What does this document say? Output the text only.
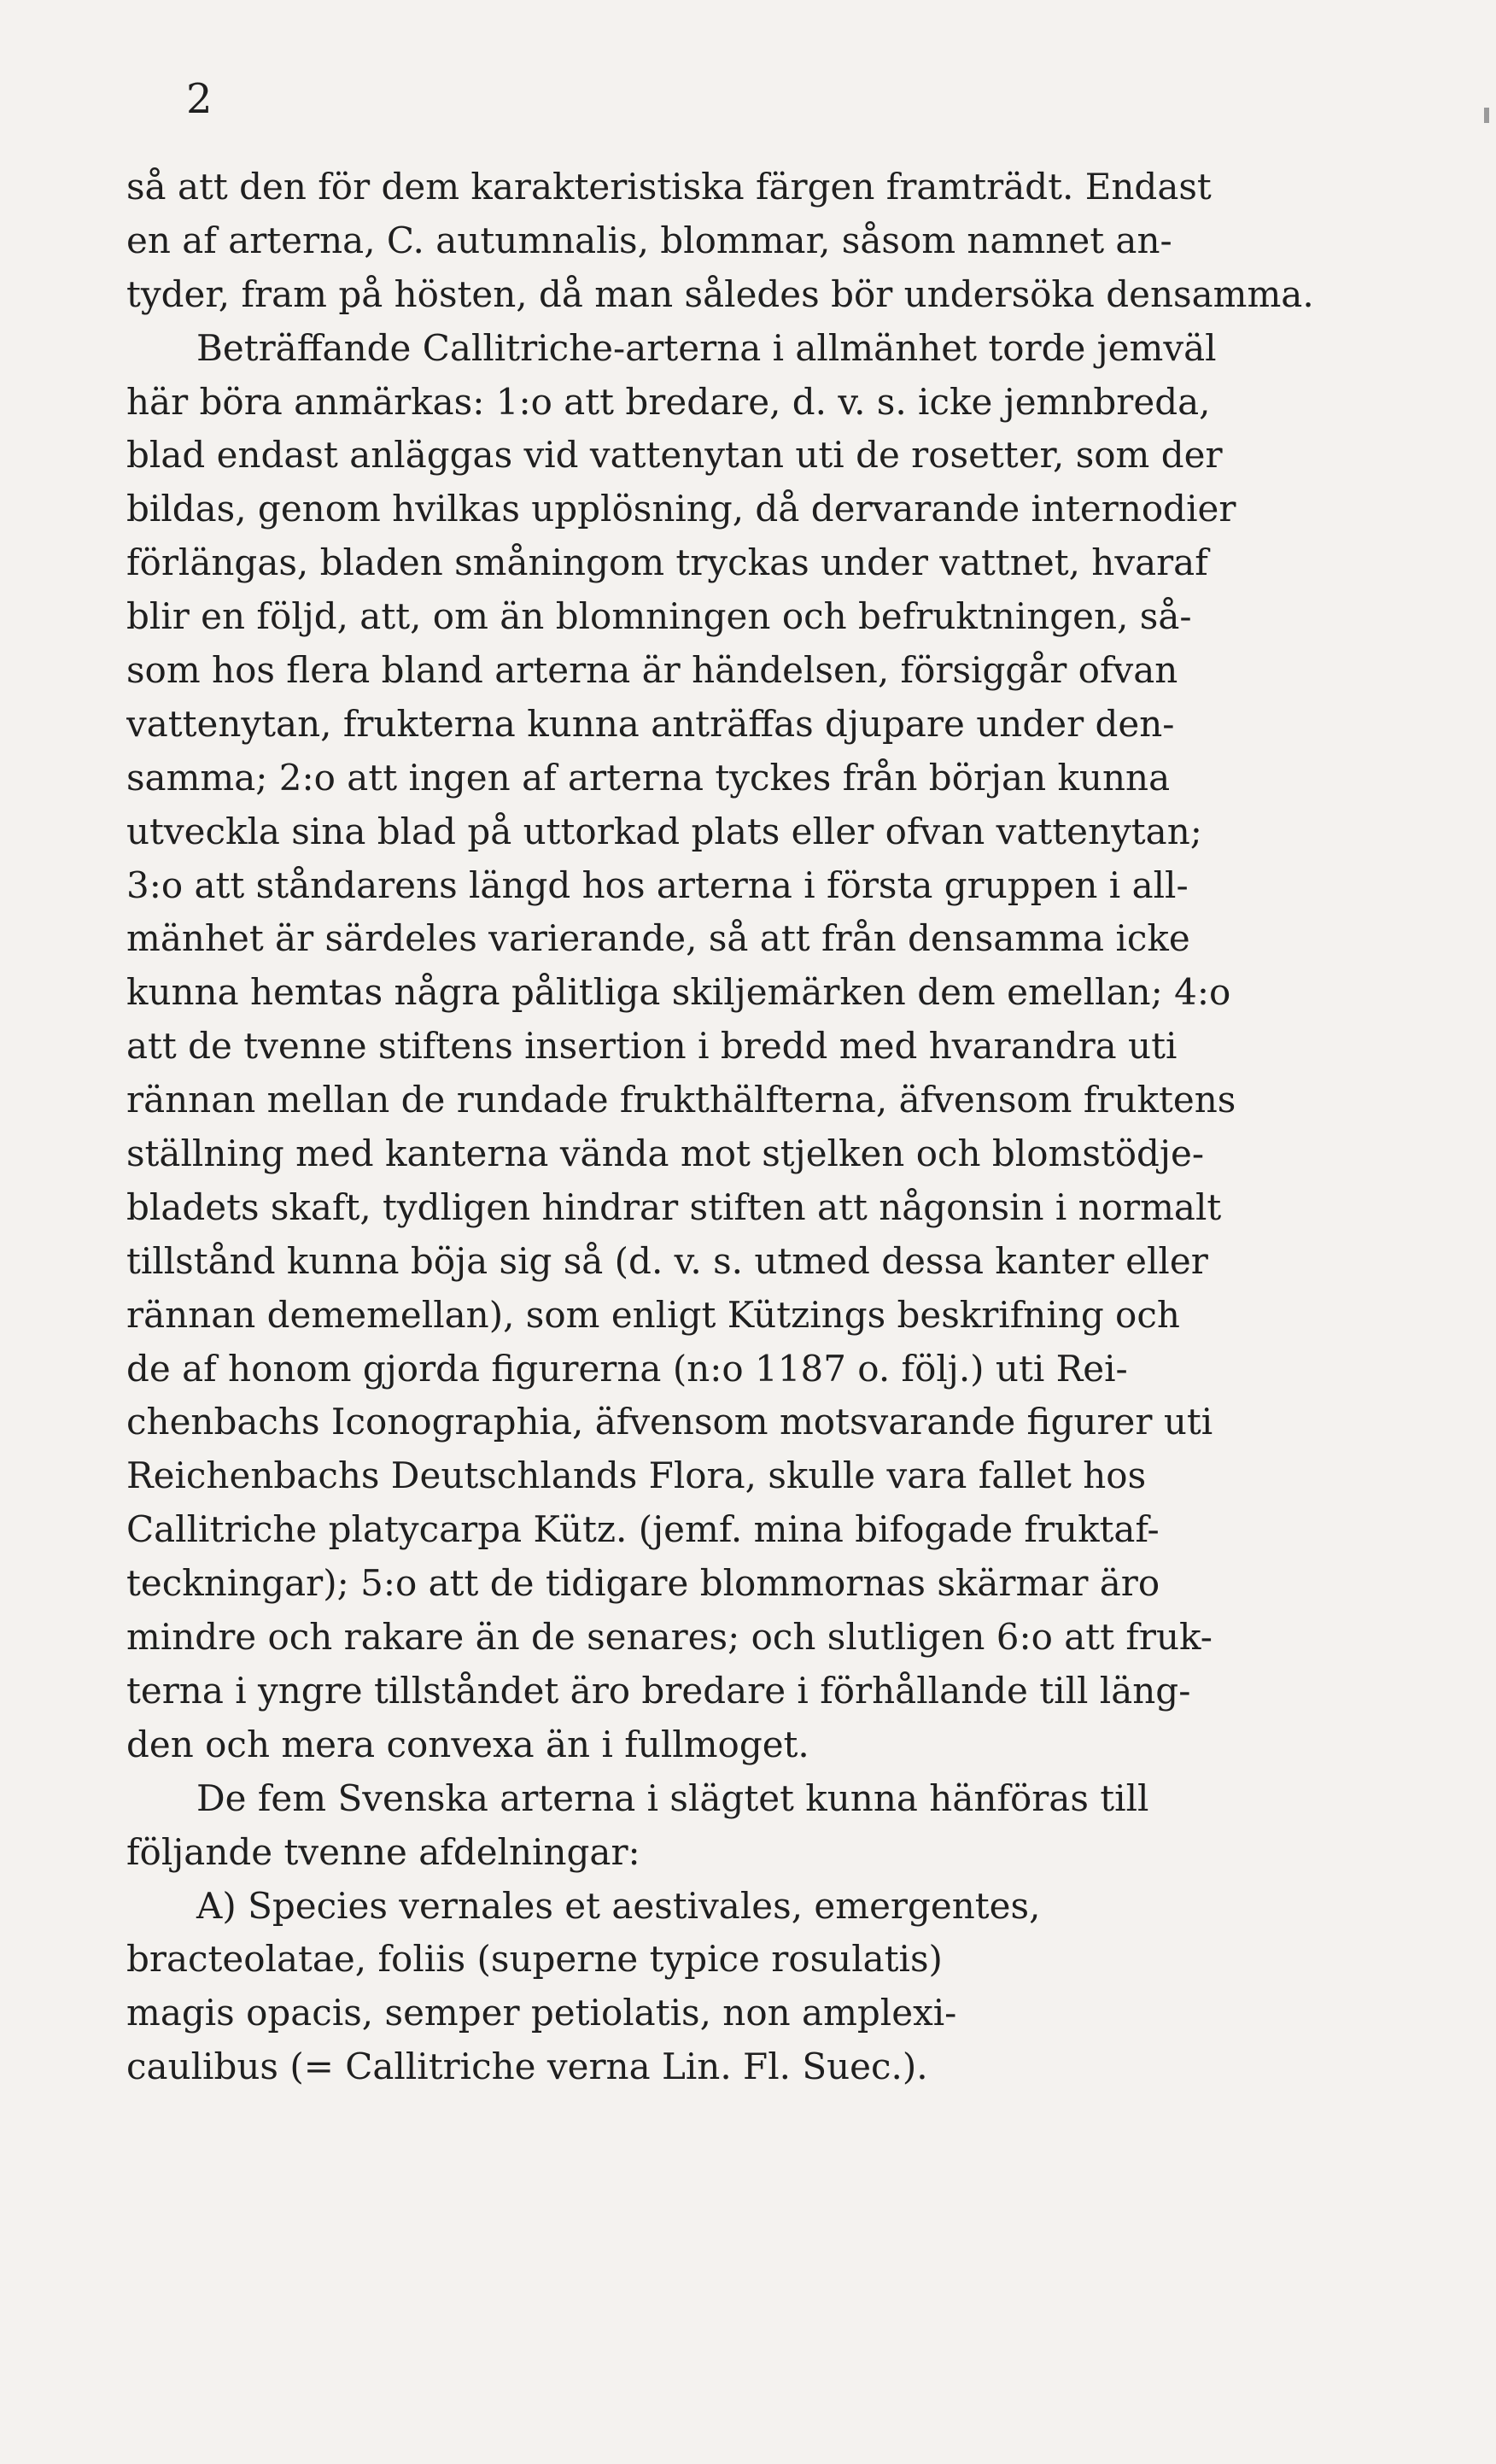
2
så att den för dem karakteristiska färgen framträdt. Endast
en af arterna, C. autumnalis, blommar, såsom namnet an-
tyder, fram på hösten, då man således bör undersöka densamma.
Beträffande Callitriche-arterna i allmänhet torde jemväl
här böra anmärkas: 1:o att bredare, d. v. s. icke jemnbreda,
blad endast anläggas vid vattenytan uti de rosetter, som der
bildas, genom hvilkas upplösning, då dervarande internodier
förlängas, bladen småningom tryckas under vattnet, hvaraf
blir en följd, att, om än blomningen och befruktningen, så-
som hos flera bland arterna är händelsen, försiggår ofvan
vattenytan, frukterna kunna anträffas djupare under den-
samma; 2:o att ingen af arterna tyckes från början kunna
utveckla sina blad på uttorkad plats eller ofvan vattenytan;
3:o att ståndarens längd hos arterna i första gruppen i all-
mänhet är särdeles varierande, så att från densamma icke
kunna hemtas några pålitliga skiljemärken dem emellan; 4:o
att de tvenne stiftens insertion i bredd med hvarandra uti
rännan mellan de rundade frukthälfterna, äfvensom fruktens
ställning med kanterna vända mot stjelken och blomstödje-
bladets skaft, tydligen hindrar stiften att någonsin i normalt
tillstånd kunna böja sig så (d. v. s. utmed dessa kanter eller
rännan dememellan), som enligt Kützings beskrifning och
de af honom gjorda figurerna (n:o 1187 o. följ.) uti Rei-
chenbachs Iconographia, äfvensom motsvarande figurer uti
Reichenbachs Deutschlands Flora, skulle vara fallet hos
Callitriche platycarpa Kütz. (jemf. mina bifogade fruktaf-
teckningar); 5:o att de tidigare blommornas skärmar äro
mindre och rakare än de senares; och slutligen 6:o att fruk-
terna i yngre tillståndet äro bredare i förhållande till läng-
den och mera convexa än i fullmoget.
De fem Svenska arterna i slägtet kunna hänföras till
följande tvenne afdelningar:
A) Species vernales et aestivales, emergentes,
bracteolatae, foliis (superne typice rosulatis)
magis opacis, semper petiolatis, non amplexi-
caulibus (= Callitriche verna Lin. Fl. Suec.).
